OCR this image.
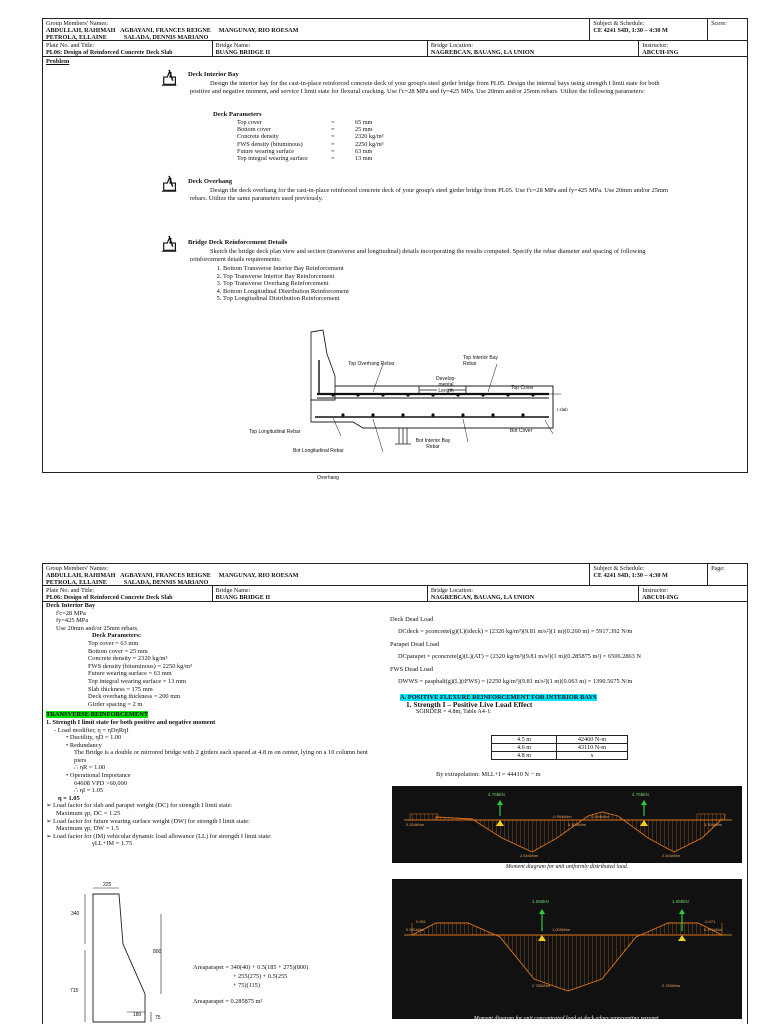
Group Members' Names:
ABDULLAH, RAHIMAH AGBAYANI, FRANCES REIGNE MANGUNAY, RIO ROESAM
PETROLA, ELLAINE	SALADA, DENNIS MARIANO
Subject & Schedule:
CE 4241 S4D, 1:30 – 4:30 M
Score:
Plate No. and Title:
PL06: Design of Reinforced Concrete Deck Slab
Bridge Name:
BUANG BRIDGE II
Bridge Location:
NAGREBCAN, BAUANG, LA UNION
Instructor:
ABCUH-ING
Problem
Deck Interior Bay
Design the interior bay for the cast-in-place reinforced concrete deck of your group's steel girder bridge from PL05. Design the internal bays using strength I limit state for both positive and negative moment, and service I limit state for flexural cracking. Use f'c=28 MPa and fy=425 MPa. Use 20mm and/or 25mm rebars. Utilize the following parameters:
Deck Parameters
Top cover	=	65 mm
Bottom cover	=	25 mm
Concrete density	=	2320 kg/m³
FWS density (bituminous)	=	2250 kg/m³
Future wearing surface	=	63 mm
Top integral wearing surface	=	13 mm
Deck Overhang
Design the deck overhang for the cast-in-place reinforced concrete deck of your group's steel girder bridge from PL05. Use f'c=28 MPa and fy=425 MPa. Use 20mm and/or 25mm rebars. Utilize the same parameters used previously.
Bridge Deck Reinforcement Details
Sketch the bridge deck plan view and section (transverse and longitudinal) details incorporating the results computed. Specify the rebar diameter and spacing of following reinforcement details requirements:
1. Bottom Transverse Interior Bay Reinforcement
2. Top Transverse Interior Bay Reinforcement
3. Top Transverse Overhang Reinforcement
4. Bottom Longitudinal Distribution Reinforcement
5. Top Longitudinal Distribution Reinforcement
Top Overhang Rebar
Top Interior Bay Rebar
Develop- mental Length	Top Cover
t slab
Top Longitudinal Rebar	Bot Cover
Bot Longitudinal Rebar
Bot Interior Bay Rebar
Overhang
Group Members' Names:
ABDULLAH, RAHIMAH AGBAYANI, FRANCES REIGNE MANGUNAY, RIO ROESAM
PETROLA, ELLAINE	SALADA, DENNIS MARIANO
Subject & Schedule:
CE 4241 S4D, 1:30 – 4:30 M
Page:
Plate No. and Title:
PL06: Design of Reinforced Concrete Deck Slab
Bridge Name:
BUANG BRIDGE II
Bridge Location:
NAGREBCAN, BAUANG, LA UNION
Instructor:
ABCUH-ING
Deck Interior Bay
f'c=28 MPa
fy=425 MPa
Use 20mm and/or 25mm rebars.
Deck Parameters:
Top cover = 63 mm
Bottom cover = 25 mm
Concrete density = 2320 kg/m³
FWS density (bituminous) = 2250 kg/m³
Future wearing surface = 63 mm
Top integral wearing surface = 13 mm
Slab thickness = 175 mm
Deck overhang thickness = 200 mm
Girder spacing = 2 m
TRANSVERSE REINFORCEMENT
1. Strength I limit state for both positive and negative moment
- Load modifier, η = ηDηRηI
• Ductility, ηD = 1.00
• Redundancy
The Bridge is a double or mirrored bridge with 2 girders each spaced at 4.8 m on center, lying on a 10 column bent piers
∴ ηR = 1.00
• Operational Importance
64608 VPD >60,000
∴ ηI = 1.05
η = 1.05
➢ Load factor for slab and parapet weight (DC) for strength I limit state:
Maximum γp, DC = 1.25
➢ Load factor for future wearing surface weight (DW) for strength I limit state:
Maximum γp, DW = 1.5
➢ Load factor for (IM) vehicular dynamic load allowance (LL) for strength I limit state:
γLL+IM = 1.75
225
340
800
715
180	75
Areaparapet = 340(40) + 0.5(185 + 275)(800)
+ 255(275) + 0.5(255
+ 75)(115)
Areaparapet = 0.285875 m²
Deck Dead Load
DCdeck = ρconcrete(g)(L)(tdeck) = (2320 kg/m³)(9.81 m/s²)(1 m)(0.260 m) = 5917.392 N/m
Parapet Dead Load
DCparapet = ρconcrete(g)(L)(AT) = (2320 kg/m³)(9.81 m/s²)(1 m)(0.285875 m²) = 6506.2863 N
FWS Dead Load
DWWS = ρasphalt(g)(L)(tFWS) = (2250 kg/m³)(9.81 m/s²)(1 m)(0.063 m) = 1390.5675 N/m
A. POSITIVE FLEXURE REINFORCEMENT FOR INTERIOR BAYS
1. Strength I – Positive Live Load Effect
SGIRDER = 4.8m, Table A4-1:
4.5 m	42460 N-m
4.6 m	43110 N-m
4.8 m	x
By extrapolation: MLL+I = 44410 N − m
4.766kN	4.766kN
-0.594kNm	-0.594kNm
0.304kNm	0.304kNm	0.304kNm
2.844kNm	2.844kNm
Moment diagram for unit uniformly distributed load.
1.066kN	1.066kN
0.951
0.951kNm	1.000kNm
-0.971
0.971kNm
2.780kNm	2.780kNm
Moment diagram for unit concentrated load at deck edges representing parapet.
